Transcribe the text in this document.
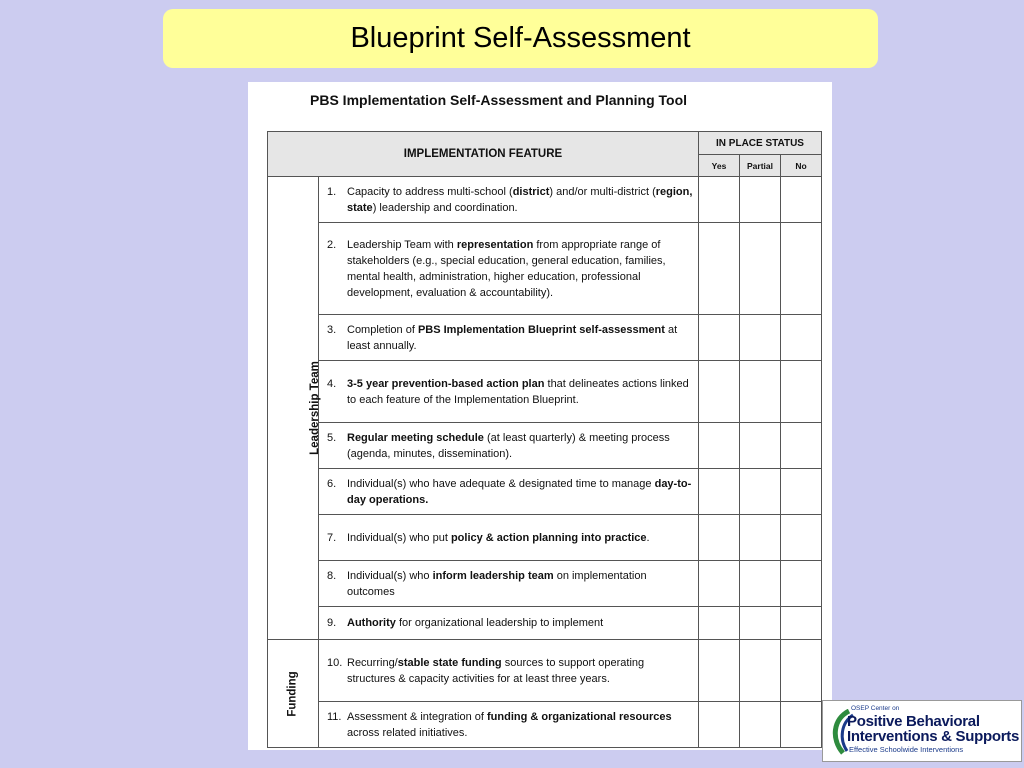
Blueprint Self-Assessment
PBS Implementation Self-Assessment and Planning Tool
IMPLEMENTATION FEATURE		IN PLACE STATUS		
		Yes	Partial	No
Leadership Team	1. Capacity to address multi-school (district) and/or multi-district (region, state) leadership and coordination.			

	2. Leadership Team with representation from appropriate range of stakeholders (e.g., special education, general education, families, mental health, administration, higher education, professional development, evaluation & accountability).			

	3. Completion of PBS Implementation Blueprint self-assessment at least annually.			

	4. 3-5 year prevention-based action plan that delineates actions linked to each feature of the Implementation Blueprint.			

	5. Regular meeting schedule (at least quarterly) & meeting process (agenda, minutes, dissemination).			

	6. Individual(s) who have adequate & designated time to manage day-to-day operations.			

	7. Individual(s) who put policy & action planning into practice.			

	8. Individual(s) who inform leadership team on implementation outcomes			

	9. Authority for organizational leadership to implement			

Funding	10. Recurring/stable state funding sources to support operating structures & capacity activities for at least three years.			

	11. Assessment & integration of funding & organizational resources across related initiatives.			

OSEP Center on
Positive Behavioral
Interventions & Supports
Effective Schoolwide Interventions
